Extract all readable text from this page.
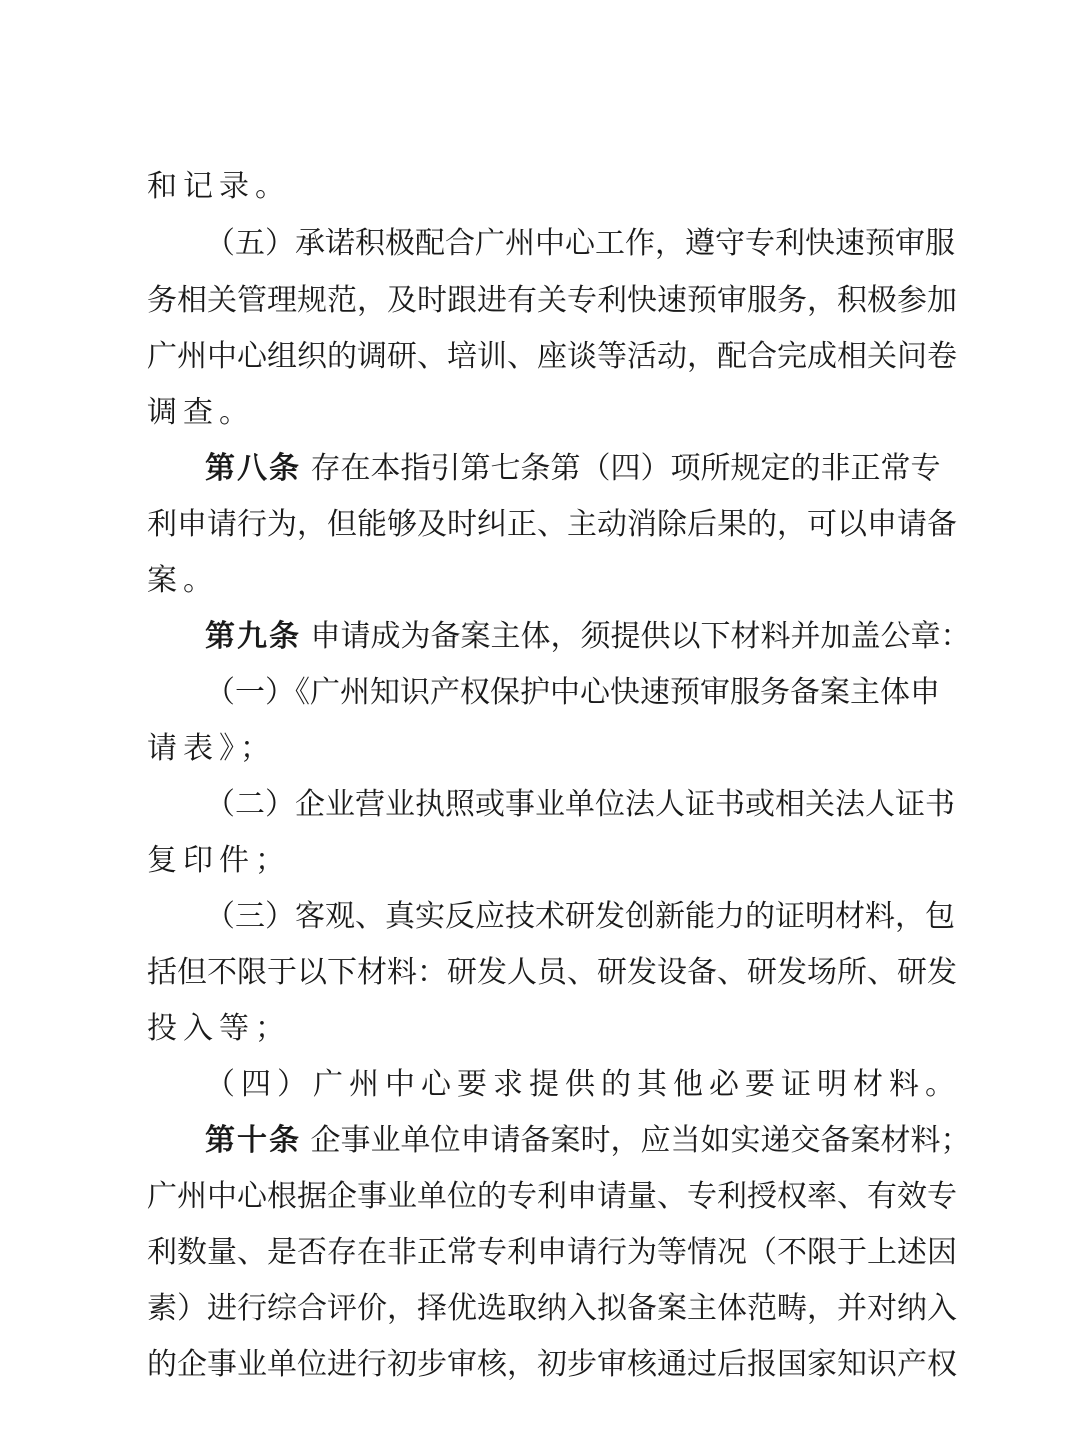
和记录。
（五）承诺积极配合广州中心工作，遵守专利快速预审服
务相关管理规范，及时跟进有关专利快速预审服务，积极参加
广州中心组织的调研、培训、座谈等活动，配合完成相关问卷
调查。
第八条 存在本指引第七条第（四）项所规定的非正常专
利申请行为，但能够及时纠正、主动消除后果的，可以申请备
案。
第九条 申请成为备案主体，须提供以下材料并加盖公章：
（一）《广州知识产权保护中心快速预审服务备案主体申
请表》；
（二）企业营业执照或事业单位法人证书或相关法人证书
复印件；
（三）客观、真实反应技术研发创新能力的证明材料，包
括但不限于以下材料：研发人员、研发设备、研发场所、研发
投入等；
（四）广州中心要求提供的其他必要证明材料。
第十条 企事业单位申请备案时，应当如实递交备案材料；
广州中心根据企事业单位的专利申请量、专利授权率、有效专
利数量、是否存在非正常专利申请行为等情况（不限于上述因
素）进行综合评价，择优选取纳入拟备案主体范畴，并对纳入
的企事业单位进行初步审核，初步审核通过后报国家知识产权
